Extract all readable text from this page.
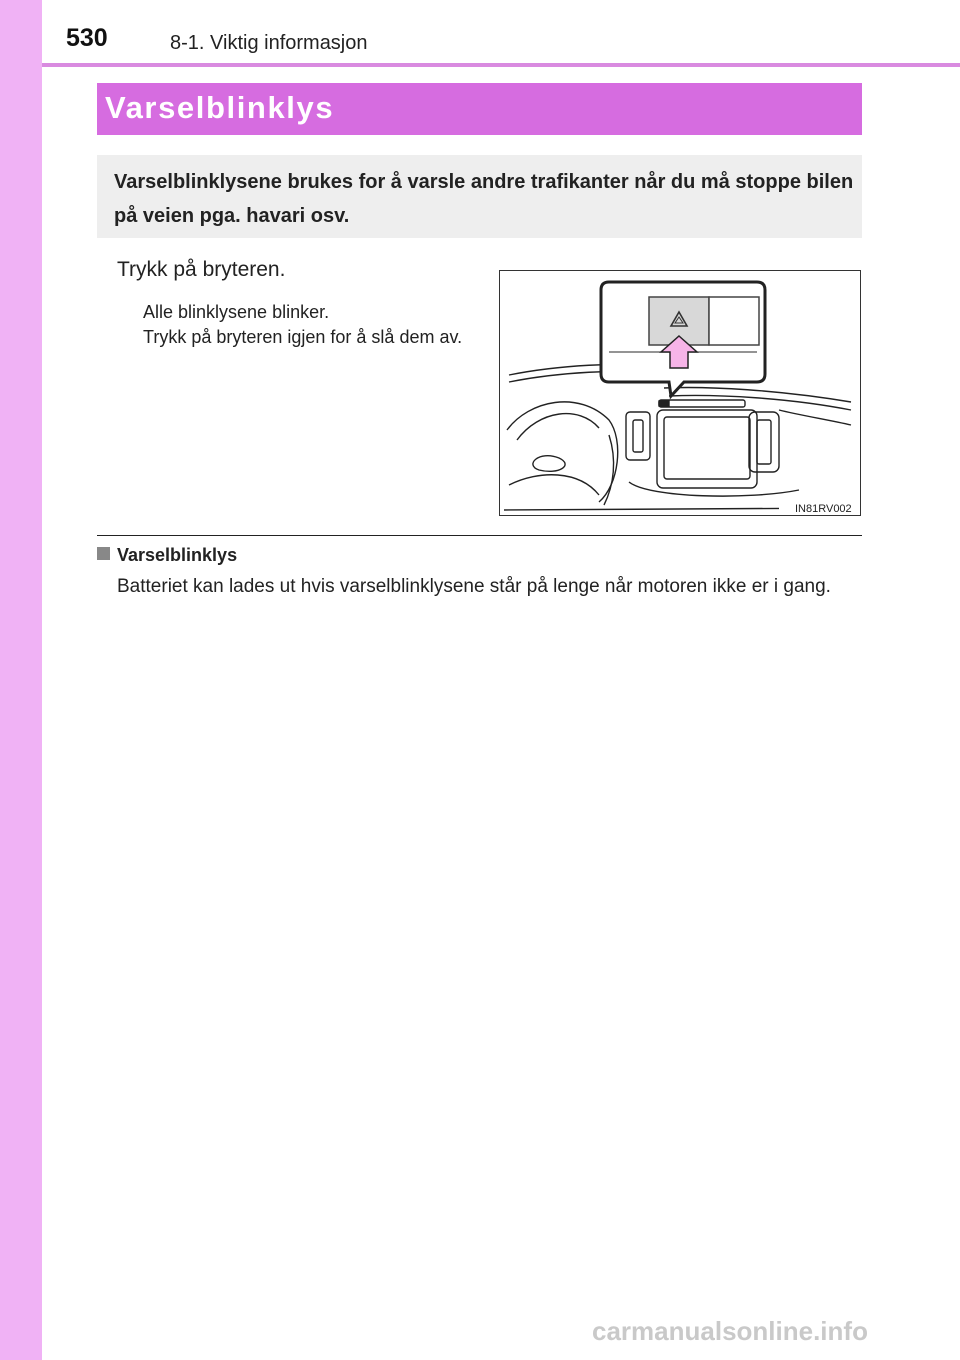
530	8-1. Viktig informasjon
Varselblinklys
Varselblinklysene brukes for å varsle andre trafikanter når du må stoppe bilen på veien pga. havari osv.
Trykk på bryteren.
Alle blinklysene blinker.
Trykk på bryteren igjen for å slå dem av.
IN81RV002
Varselblinklys
Batteriet kan lades ut hvis varselblinklysene står på lenge når motoren ikke er i gang.
carmanualsonline.info
